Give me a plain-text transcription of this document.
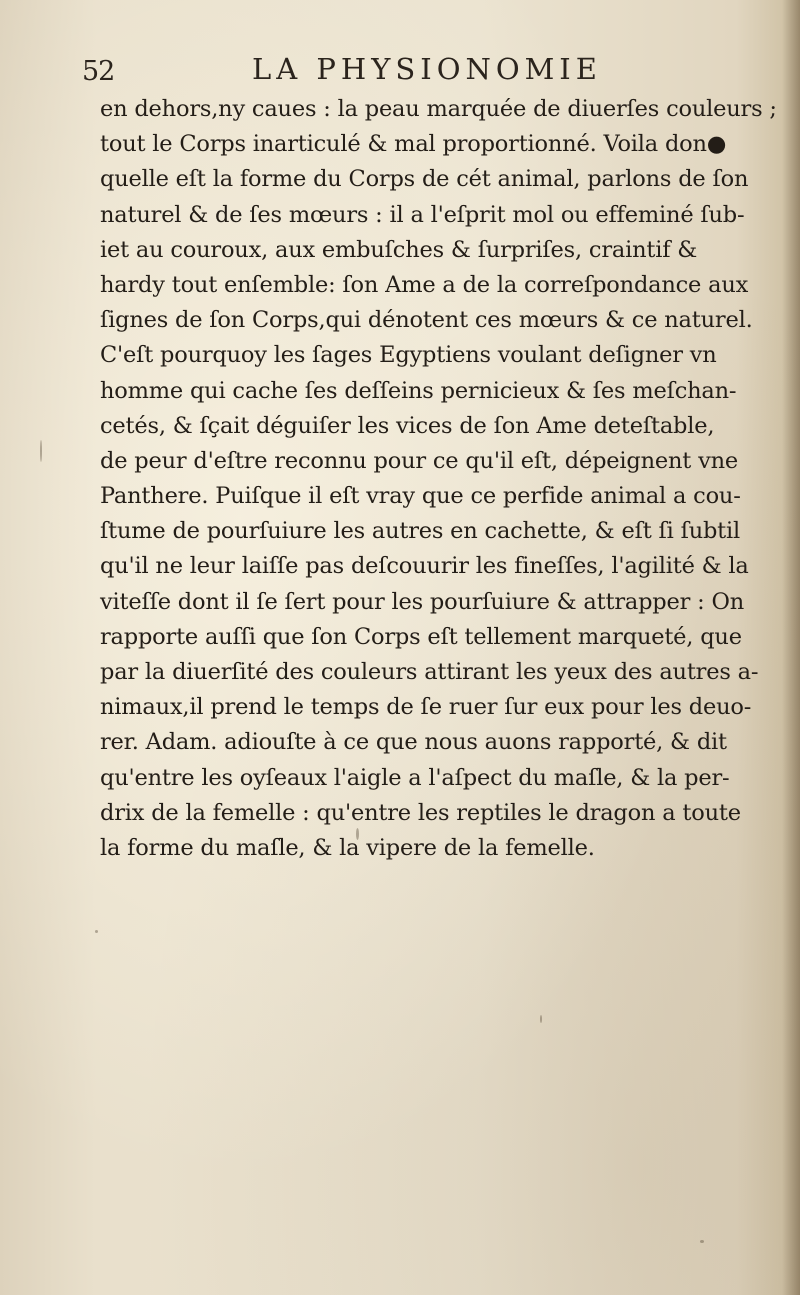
52	LA PHYSIONOMIE
en dehors,ny caues : la peau marquée de diuerſes couleurs ;
tout le Corps inarticulé & mal proportionné. Voila don●
quelle eſt la forme du Corps de cét animal, parlons de ſon
naturel & de ſes mœurs : il a l'eſprit mol ou effeminé ſub-
iet au couroux, aux embuſches & ſurpriſes, craintif &
hardy tout enſemble: ſon Ame a de la correſpondance aux
ſignes de ſon Corps,qui dénotent ces mœurs & ce naturel.
C'eſt pourquoy les ſages Egyptiens voulant deſigner vn
homme qui cache ſes deſſeins pernicieux & ſes meſchan-
cetés, & ſçait déguiſer les vices de ſon Ame deteſtable,
de peur d'eſtre reconnu pour ce qu'il eſt, dépeignent vne
Panthere. Puiſque il eſt vray que ce perfide animal a cou-
ſtume de pourſuiure les autres en cachette, & eſt ſi ſubtil
qu'il ne leur laiſſe pas deſcouurir les fineſſes, l'agilité & la
viteſſe dont il ſe ſert pour les pourſuiure & attrapper : On
rapporte auſſi que ſon Corps eſt tellement marqueté, que
par la diuerſité des couleurs attirant les yeux des autres a-
nimaux,il prend le temps de ſe ruer ſur eux pour les deuo-
rer. Adam. adiouſte à ce que nous auons rapporté, & dit
qu'entre les oyſeaux l'aigle a l'aſpect du maſle, & la per-
drix de la femelle : qu'entre les reptiles le dragon a toute
la forme du maſle, & la vipere de la femelle.
